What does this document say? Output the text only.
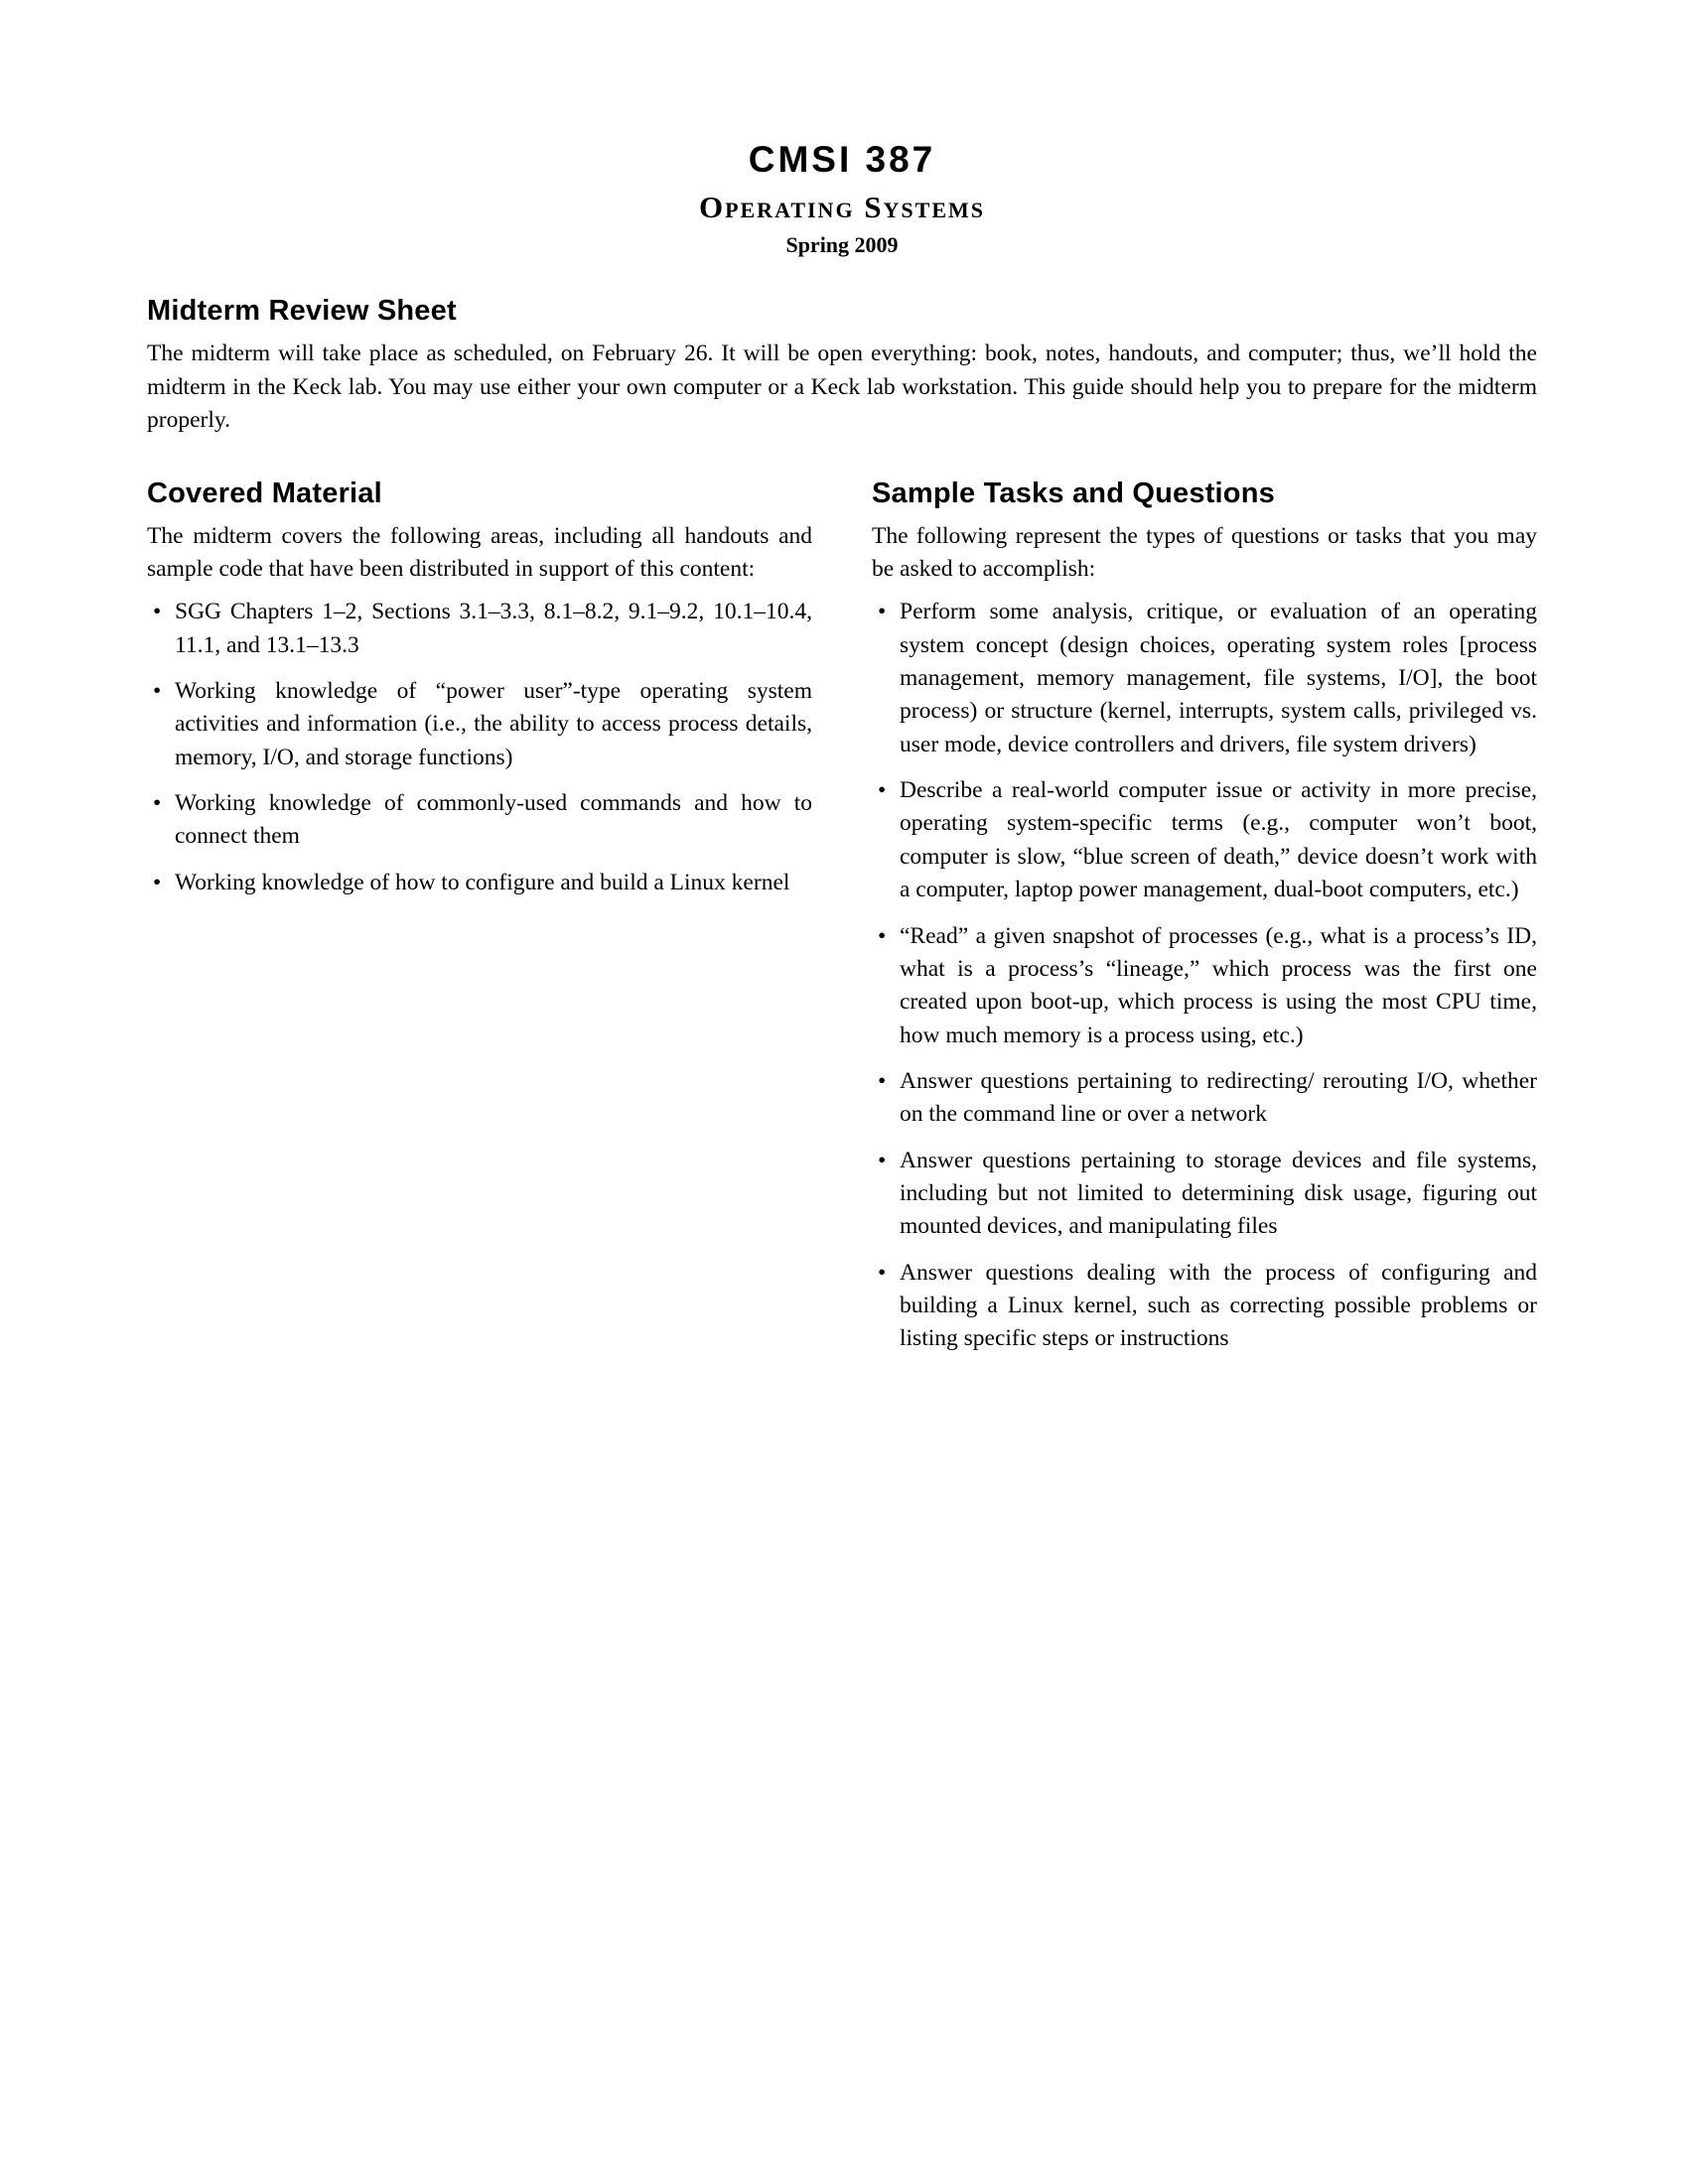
CMSI 387
Operating Systems
Spring 2009
Midterm Review Sheet

The midterm will take place as scheduled, on February 26. It will be open everything: book, notes, handouts, and computer; thus, we’ll hold the midterm in the Keck lab. You may use either your own computer or a Keck lab workstation. This guide should help you to prepare for the midterm properly.

Covered Material

The midterm covers the following areas, including all handouts and sample code that have been distributed in support of this content:

• SGG Chapters 1–2, Sections 3.1–3.3, 8.1–8.2, 9.1–9.2, 10.1–10.4, 11.1, and 13.1–13.3
• Working knowledge of “power user”-type operating system activities and information (i.e., the ability to access process details, memory, I/O, and storage functions)
• Working knowledge of commonly-used commands and how to connect them
• Working knowledge of how to configure and build a Linux kernel
Sample Tasks and Questions

The following represent the types of questions or tasks that you may be asked to accomplish:

• Perform some analysis, critique, or evaluation of an operating system concept (design choices, operating system roles [process management, memory management, file systems, I/O], the boot process) or structure (kernel, interrupts, system calls, privileged vs. user mode, device controllers and drivers, file system drivers)
• Describe a real-world computer issue or activity in more precise, operating system-specific terms (e.g., computer won’t boot, computer is slow, “blue screen of death,” device doesn’t work with a computer, laptop power management, dual-boot computers, etc.)
• “Read” a given snapshot of processes (e.g., what is a process’s ID, what is a process’s “lineage,” which process was the first one created upon boot-up, which process is using the most CPU time, how much memory is a process using, etc.)
• Answer questions pertaining to redirecting/ rerouting I/O, whether on the command line or over a network
• Answer questions pertaining to storage devices and file systems, including but not limited to determining disk usage, figuring out mounted devices, and manipulating files
• Answer questions dealing with the process of configuring and building a Linux kernel, such as correcting possible problems or listing specific steps or instructions
